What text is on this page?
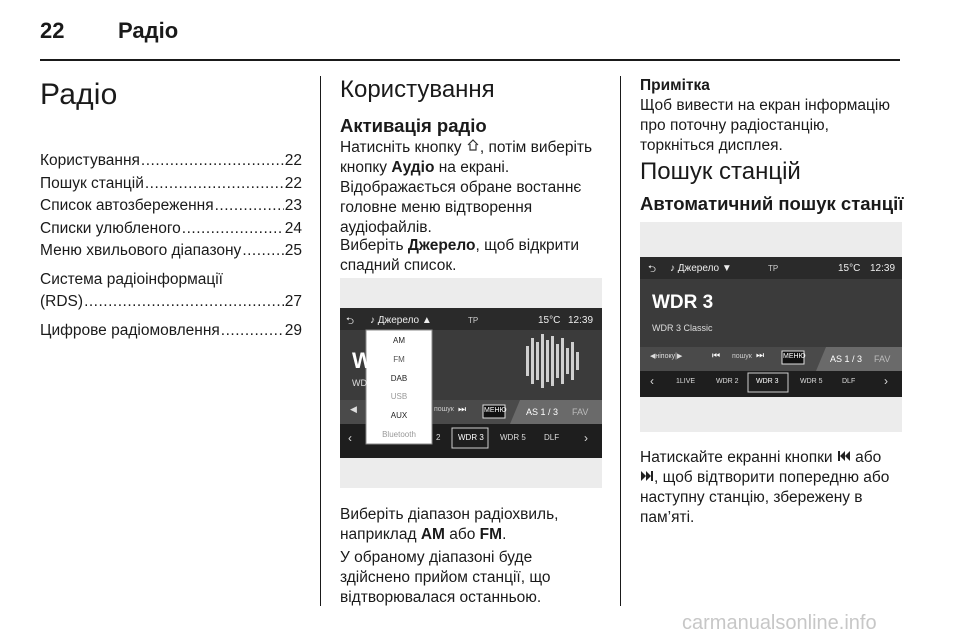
22 Радіо
Радіо
Користування .....	22
Пошук станцій .....	22
Список автозбереження .....	23
Списки улюбленого .....	24
Меню хвильового діапазону .....	25
Система радіоінформації
(RDS) .....	27
Цифрове радіомовлення .....	29
Користування
Активація радіо
Натисніть кнопку , потім виберіть
кнопку Аудіо на екрані.
Відображається обране востаннє
головне меню відтворення
аудіофайлів.
Виберіть Джерело, щоб відкрити
спадний список.
⮌ ♪ Джерело ▲	TP	15°C 12:39
W
WD
◀	пошук ⏭	МЕНЮ AS 1 / 3 FAV
‹	2 WDR 3 WDR 5 DLF ›
AM
FM
DAB
USB
AUX
Bluetooth
Виберіть діапазон радіохвиль,
наприклад AM або FM.
У обраному діапазоні буде
здійснено прийом станції, що
відтворювалася останньою.
Примітка
Щоб вивести на екран інформацію
про поточну радіостанцію,
торкніться дисплея.
Пошук станцій
Автоматичний пошук станції
⮌ ♪ Джерело ▼	TP	15°C 12:39
WDR 3
WDR 3 Classic
◀ніпоку|▶	⏮ пошук ⏭	МЕНЮ	AS 1 / 3 FAV
‹	1LIVE	WDR 2 WDR 3	WDR 5	DLF ›
Натискайте екранні кнопки  або
, щоб відтворити попередню або
наступну станцію, збережену в
пам’яті.
carmanualsonline.info
